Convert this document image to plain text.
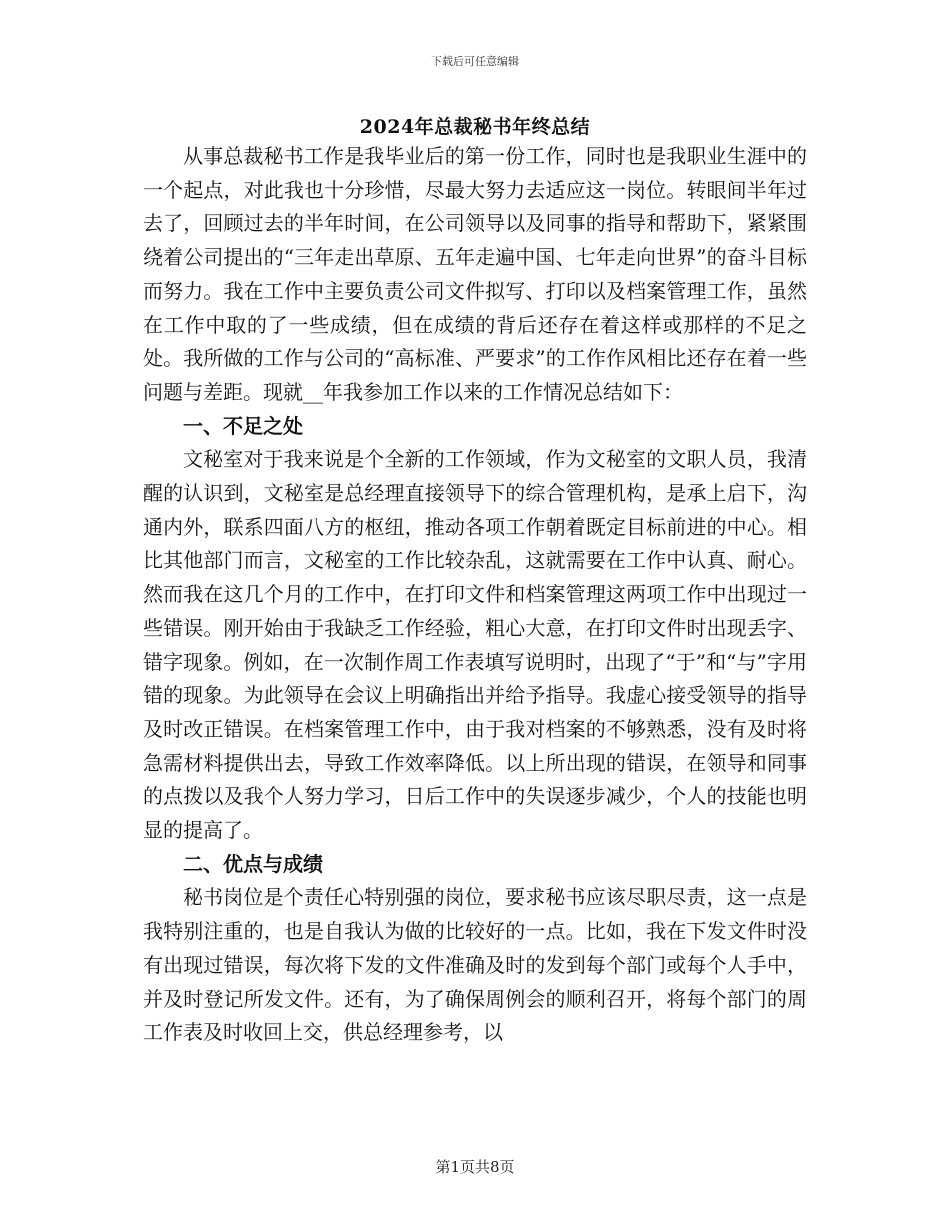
下载后可任意编辑
2024年总裁秘书年终总结

从事总裁秘书工作是我毕业后的第一份工作，同时也是我职业生涯中的一个起点，对此我也十分珍惜，尽最大努力去适应这一岗位。转眼间半年过去了，回顾过去的半年时间，在公司领导以及同事的指导和帮助下，紧紧围绕着公司提出的“三年走出草原、五年走遍中国、七年走向世界”的奋斗目标而努力。我在工作中主要负责公司文件拟写、打印以及档案管理工作，虽然在工作中取的了一些成绩，但在成绩的背后还存在着这样或那样的不足之处。我所做的工作与公司的“高标准、严要求”的工作作风相比还存在着一些问题与差距。现就__年我参加工作以来的工作情况总结如下：

一、不足之处

文秘室对于我来说是个全新的工作领域，作为文秘室的文职人员，我清醒的认识到，文秘室是总经理直接领导下的综合管理机构，是承上启下，沟通内外，联系四面八方的枢纽，推动各项工作朝着既定目标前进的中心。相比其他部门而言，文秘室的工作比较杂乱，这就需要在工作中认真、耐心。然而我在这几个月的工作中，在打印文件和档案管理这两项工作中出现过一些错误。刚开始由于我缺乏工作经验，粗心大意，在打印文件时出现丢字、错字现象。例如，在一次制作周工作表填写说明时，出现了“于”和“与”字用错的现象。为此领导在会议上明确指出并给予指导。我虚心接受领导的指导及时改正错误。在档案管理工作中，由于我对档案的不够熟悉，没有及时将急需材料提供出去，导致工作效率降低。以上所出现的错误，在领导和同事的点拨以及我个人努力学习，日后工作中的失误逐步减少，个人的技能也明显的提高了。

二、优点与成绩

秘书岗位是个责任心特别强的岗位，要求秘书应该尽职尽责，这一点是我特别注重的，也是自我认为做的比较好的一点。比如，我在下发文件时没有出现过错误，每次将下发的文件准确及时的发到每个部门或每个人手中，并及时登记所发文件。还有，为了确保周例会的顺利召开，将每个部门的周工作表及时收回上交，供总经理参考，以

第1页共8页
